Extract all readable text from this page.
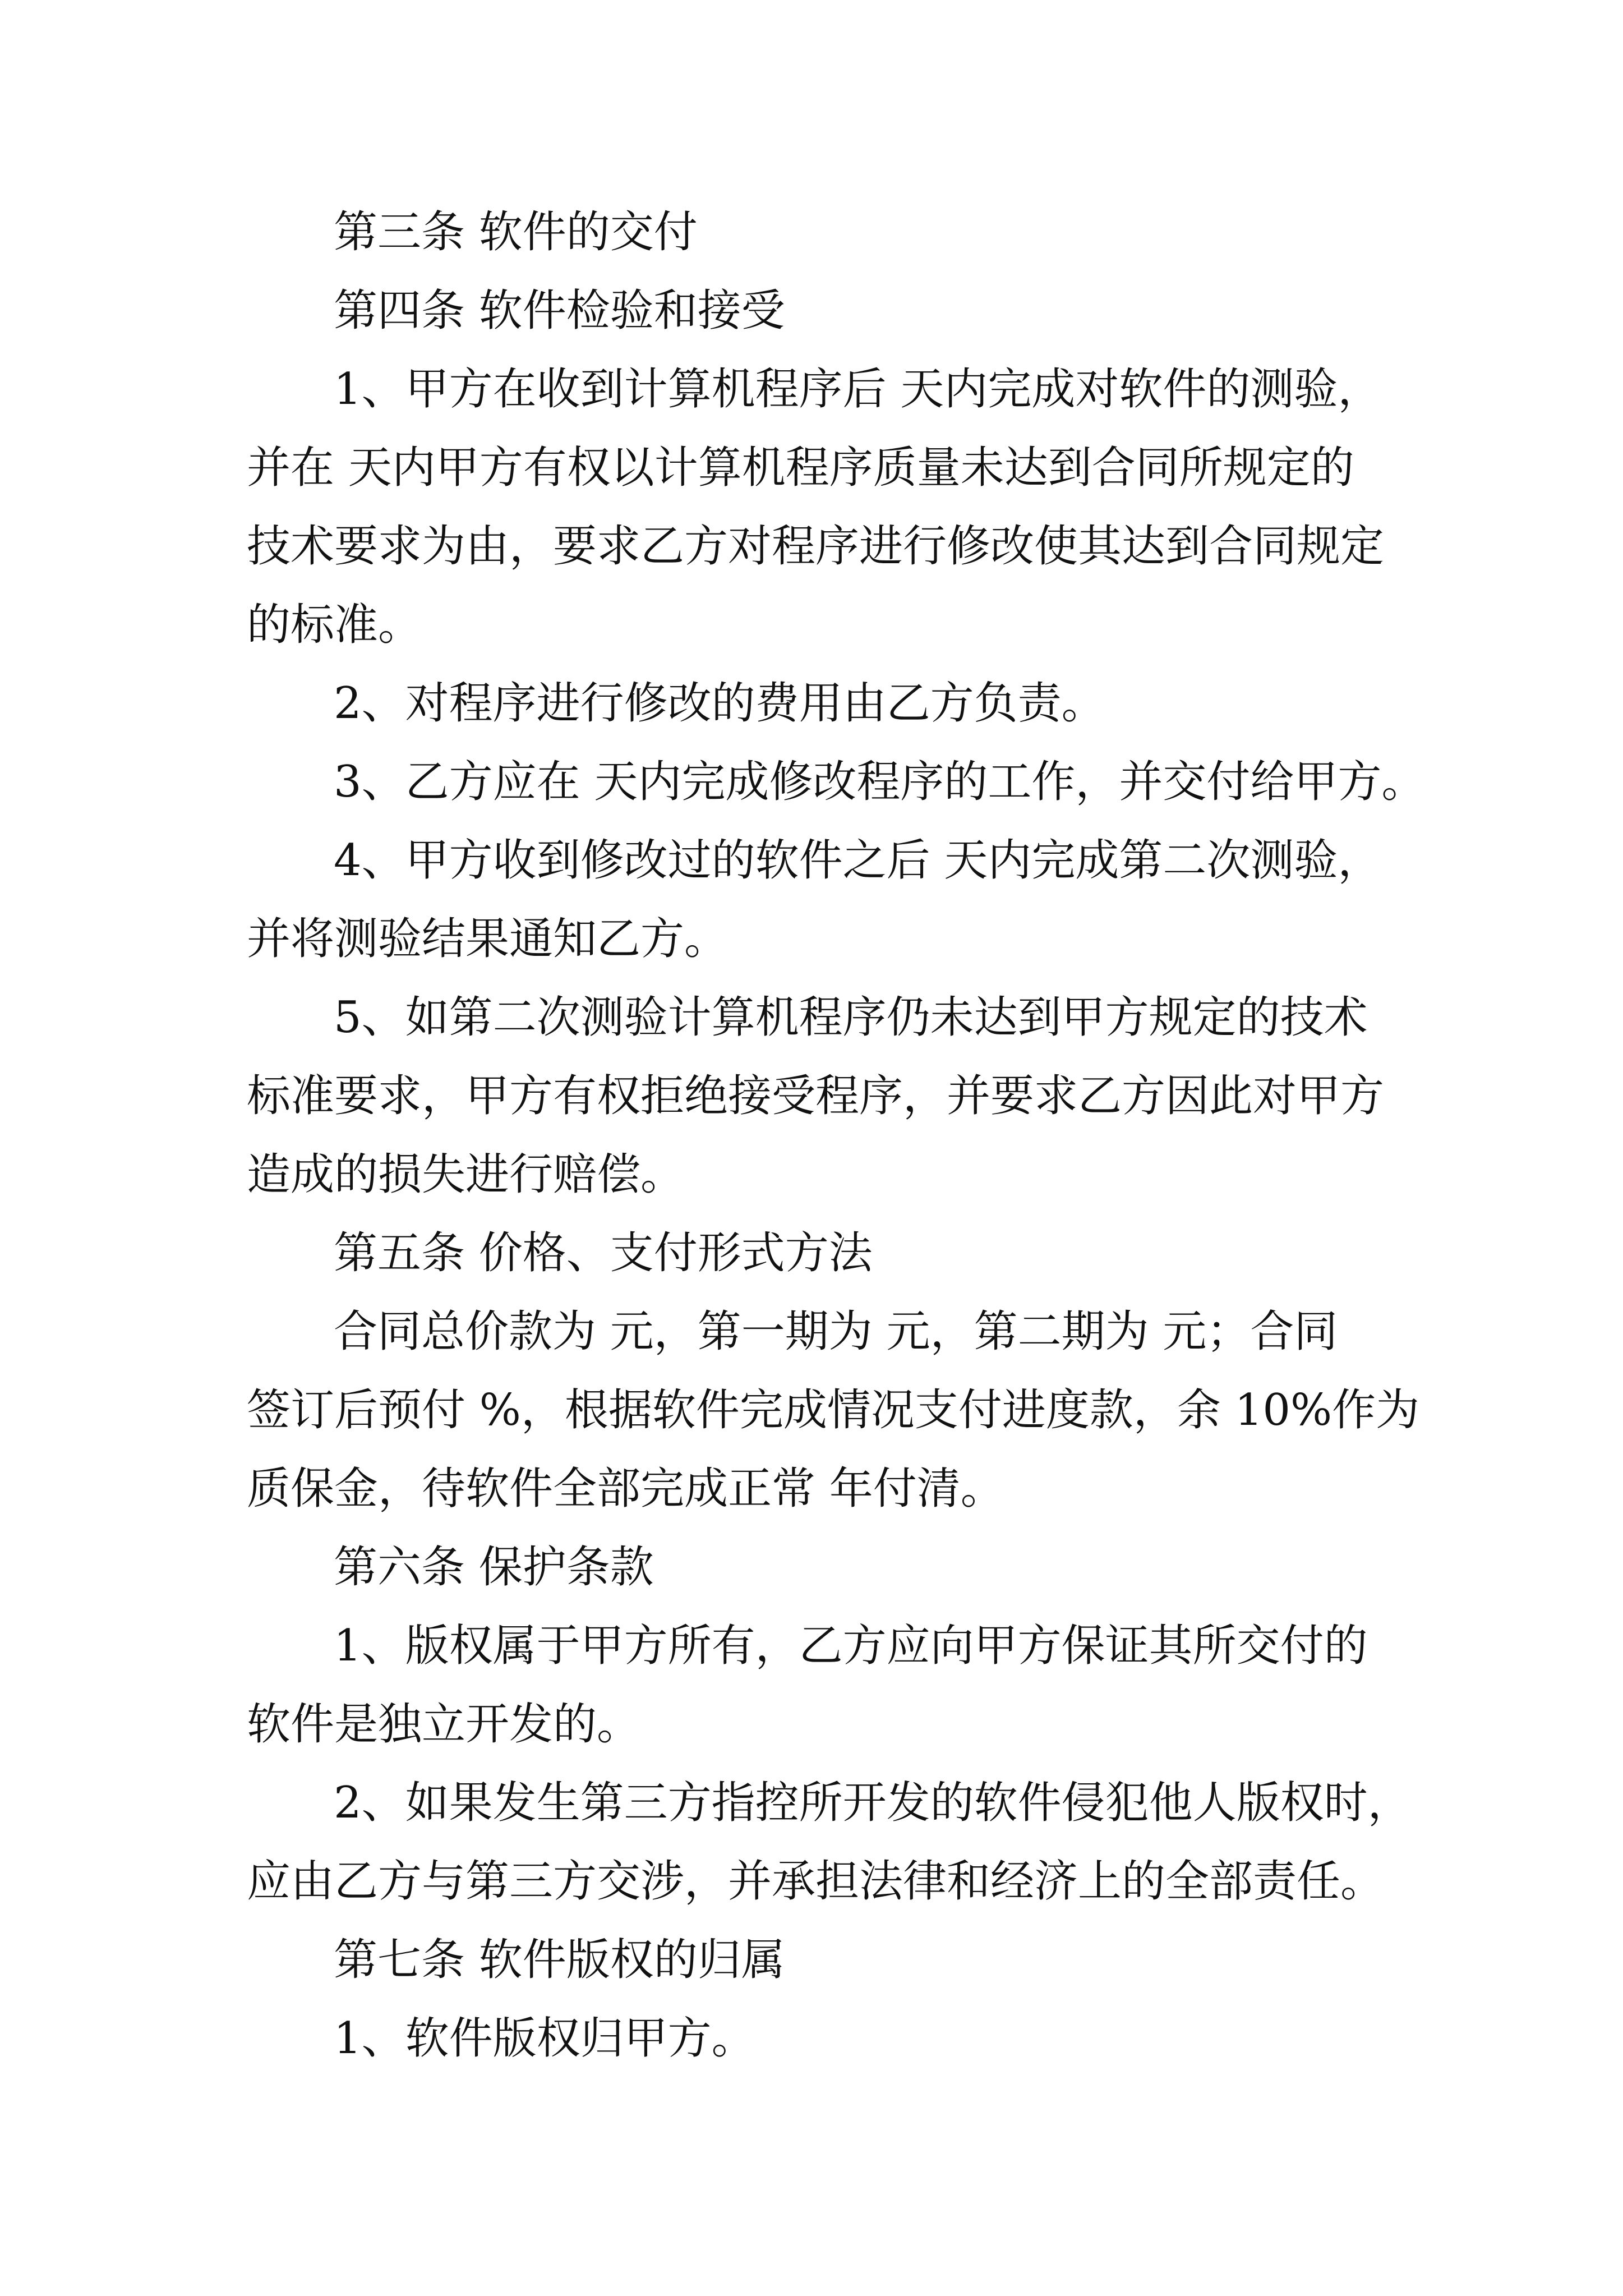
第三条 软件的交付
第四条 软件检验和接受
1、甲方在收到计算机程序后 天内完成对软件的测验，
并在 天内甲方有权以计算机程序质量未达到合同所规定的
技术要求为由，要求乙方对程序进行修改使其达到合同规定
的标准。
2、对程序进行修改的费用由乙方负责。
3、乙方应在 天内完成修改程序的工作，并交付给甲方。
4、甲方收到修改过的软件之后 天内完成第二次测验，
并将测验结果通知乙方。
5、如第二次测验计算机程序仍未达到甲方规定的技术
标准要求，甲方有权拒绝接受程序，并要求乙方因此对甲方
造成的损失进行赔偿。
第五条 价格、支付形式方法
合同总价款为 元，第一期为 元，第二期为 元；合同
签订后预付 %，根据软件完成情况支付进度款，余 10%作为
质保金，待软件全部完成正常 年付清。
第六条 保护条款
1、版权属于甲方所有，乙方应向甲方保证其所交付的
软件是独立开发的。
2、如果发生第三方指控所开发的软件侵犯他人版权时，
应由乙方与第三方交涉，并承担法律和经济上的全部责任。
第七条 软件版权的归属
1、软件版权归甲方。
